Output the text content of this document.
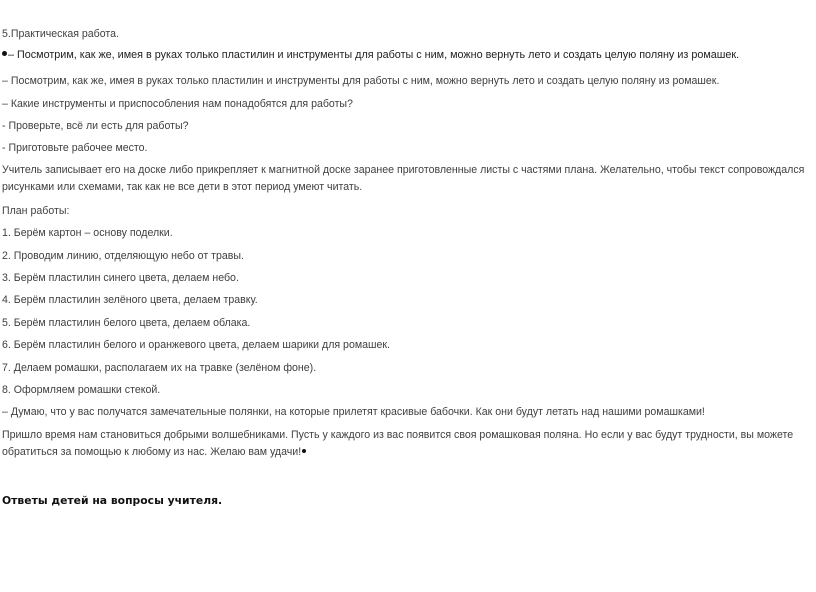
5.Практическая работа.
– Посмотрим, как же, имея в руках только пластилин и инструменты для работы с ним, можно вернуть лето и создать целую поляну из ромашек.
– Посмотрим, как же, имея в руках только пластилин и инструменты для работы с ним, можно вернуть лето и создать целую поляну из ромашек.
– Какие инструменты и приспособления нам понадобятся для работы?
- Проверьте, всё ли есть для работы?
- Приготовьте рабочее место.
Учитель записывает его на доске либо прикрепляет к магнитной доске заранее приготовленные листы с частями плана. Желательно, чтобы текст сопровождался рисунками или схемами, так как не все дети в этот период умеют читать.
План работы:
1. Берём картон – основу поделки.
2. Проводим линию, отделяющую небо от травы.
3. Берём пластилин синего цвета, делаем небо.
4. Берём пластилин зелёного цвета, делаем травку.
5. Берём пластилин белого цвета, делаем облака.
6. Берём пластилин белого и оранжевого цвета, делаем шарики для ромашек.
7. Делаем ромашки, располагаем их на травке (зелёном фоне).
8. Оформляем ромашки стекой.
– Думаю, что у вас получатся замечательные полянки, на которые прилетят красивые бабочки. Как они будут летать над нашими ромашками!
Пришло время нам становиться добрыми волшебниками. Пусть у каждого из вас появится своя ромашковая поляна. Но если у вас будут трудности, вы можете обратиться за помощью к любому из нас. Желаю вам удачи!
Ответы детей на вопросы учителя.
